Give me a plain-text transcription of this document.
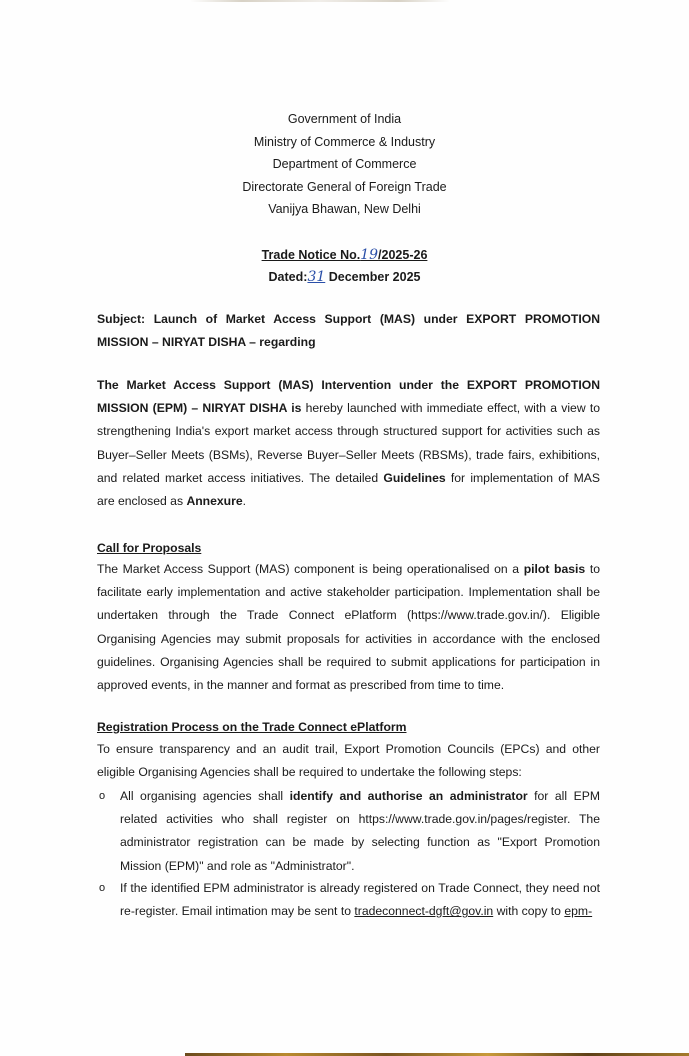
Government of India
Ministry of Commerce & Industry
Department of Commerce
Directorate General of Foreign Trade
Vanijya Bhawan, New Delhi
Trade Notice No.19/2025-26
Dated:31 December 2025
Subject: Launch of Market Access Support (MAS) under EXPORT PROMOTION MISSION – NIRYAT DISHA – regarding
The Market Access Support (MAS) Intervention under the EXPORT PROMOTION MISSION (EPM) – NIRYAT DISHA is hereby launched with immediate effect, with a view to strengthening India's export market access through structured support for activities such as Buyer–Seller Meets (BSMs), Reverse Buyer–Seller Meets (RBSMs), trade fairs, exhibitions, and related market access initiatives. The detailed Guidelines for implementation of MAS are enclosed as Annexure.
Call for Proposals
The Market Access Support (MAS) component is being operationalised on a pilot basis to facilitate early implementation and active stakeholder participation. Implementation shall be undertaken through the Trade Connect ePlatform (https://www.trade.gov.in/). Eligible Organising Agencies may submit proposals for activities in accordance with the enclosed guidelines. Organising Agencies shall be required to submit applications for participation in approved events, in the manner and format as prescribed from time to time.
Registration Process on the Trade Connect ePlatform
To ensure transparency and an audit trail, Export Promotion Councils (EPCs) and other eligible Organising Agencies shall be required to undertake the following steps:
o All organising agencies shall identify and authorise an administrator for all EPM related activities who shall register on https://www.trade.gov.in/pages/register. The administrator registration can be made by selecting function as "Export Promotion Mission (EPM)" and role as "Administrator".
o If the identified EPM administrator is already registered on Trade Connect, they need not re-register. Email intimation may be sent to tradeconnect-dgft@gov.in with copy to epm-
